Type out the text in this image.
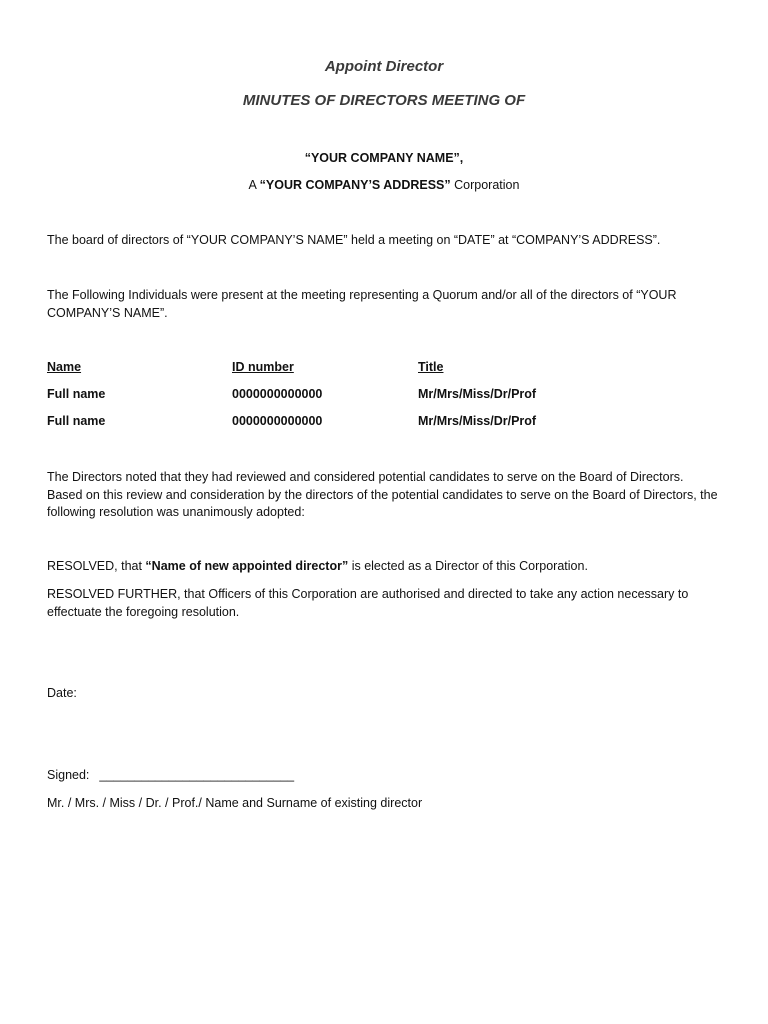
Appoint Director
MINUTES OF DIRECTORS MEETING OF
“YOUR COMPANY NAME”,
A “YOUR COMPANY’S ADDRESS” Corporation
The board of directors of “YOUR COMPANY’S NAME” held a meeting on “DATE” at “COMPANY’S ADDRESS”.
The Following Individuals were present at the meeting representing a Quorum and/or all of the directors of “YOUR COMPANY’S NAME”.
Name	ID number	Title
Full name	0000000000000	Mr/Mrs/Miss/Dr/Prof
Full name	0000000000000	Mr/Mrs/Miss/Dr/Prof
The Directors noted that they had reviewed and considered potential candidates to serve on the Board of Directors. Based on this review and consideration by the directors of the potential candidates to serve on the Board of Directors, the following resolution was unanimously adopted:
RESOLVED, that “Name of new appointed director” is elected as a Director of this Corporation.
RESOLVED FURTHER, that Officers of this Corporation are authorised and directed to take any action necessary to
effectuate the foregoing resolution.
Date:
Signed: ____________________________
Mr. / Mrs. / Miss / Dr. / Prof./ Name and Surname of existing director
